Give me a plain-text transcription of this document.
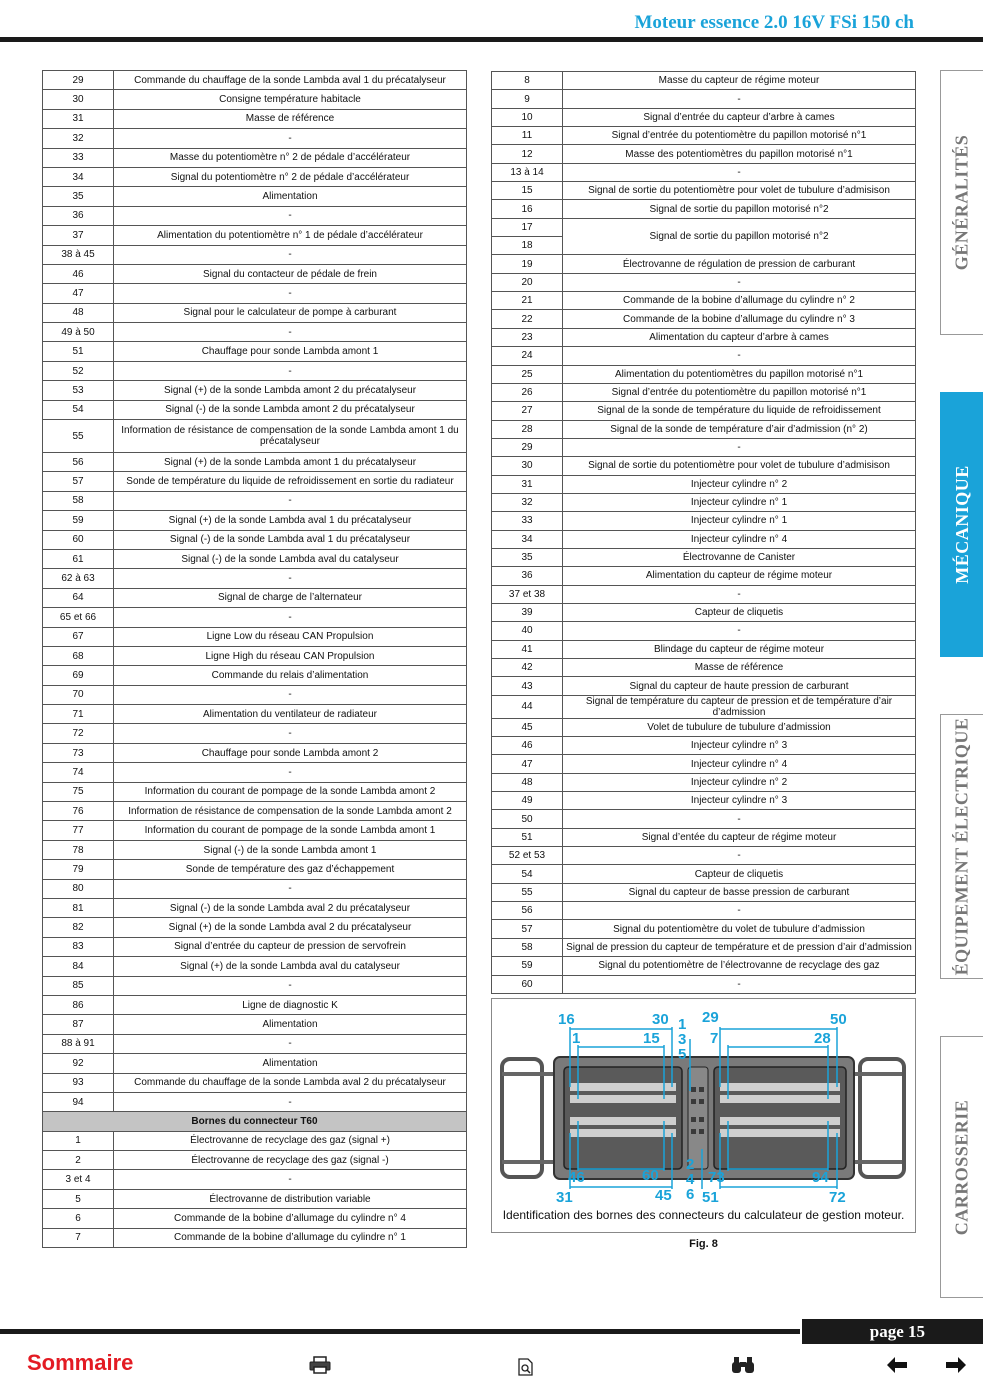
Moteur essence 2.0 16V FSi 150 ch
29	Commande du chauffage de la sonde Lambda aval 1 du précatalyseur
30	Consigne température habitacle
31	Masse de référence
32	-
33	Masse du potentiomètre n° 2 de pédale d’accélérateur
34	Signal du potentiomètre n° 2 de pédale d’accélérateur
35	Alimentation
36	-
37	Alimentation du potentiomètre n° 1 de pédale d’accélérateur
38 à 45	-
46	Signal du contacteur de pédale de frein
47	-
48	Signal pour le calculateur de pompe à carburant
49 à 50	-
51	Chauffage pour sonde Lambda amont 1
52	-
53	Signal (+) de la sonde Lambda amont 2 du précatalyseur
54	Signal (-) de la sonde Lambda amont 2 du précatalyseur
55	Information de résistance de compensation de la sonde Lambda amont 1 du précatalyseur
56	Signal (+) de la sonde Lambda amont 1 du précatalyseur
57	Sonde de température du liquide de refroidissement en sortie du radiateur
58	-
59	Signal (+) de la sonde Lambda aval 1 du précatalyseur
60	Signal (-) de la sonde Lambda aval 1 du précatalyseur
61	Signal (-) de la sonde Lambda aval du catalyseur
62 à 63	-
64	Signal de charge de l’alternateur
65 et 66	-
67	Ligne Low du réseau CAN Propulsion
68	Ligne High du réseau CAN Propulsion
69	Commande du relais d’alimentation
70	-
71	Alimentation du ventilateur de radiateur
72	-
73	Chauffage pour sonde Lambda amont 2
74	-
75	Information du courant de pompage de la sonde Lambda amont 2
76	Information de résistance de compensation de la sonde Lambda amont 2
77	Information du courant de pompage de la sonde Lambda amont 1
78	Signal (-) de la sonde Lambda amont 1
79	Sonde de température des gaz d’échappement
80	-
81	Signal (-) de la sonde Lambda aval 2 du précatalyseur
82	Signal (+) de la sonde Lambda aval 2 du précatalyseur
83	Signal d’entrée du capteur de pression de servofrein
84	Signal (+) de la sonde Lambda aval du catalyseur
85	-
86	Ligne de diagnostic K
87	Alimentation
88 à 91	-
92	Alimentation
93	Commande du chauffage de la sonde Lambda aval 2 du précatalyseur
94	-
Bornes du connecteur T60	
1	Électrovanne de recyclage des gaz (signal +)
2	Électrovanne de recyclage des gaz (signal -)
3 et 4	-
5	Électrovanne de distribution variable
6	Commande de la bobine d’allumage du cylindre n° 4
7	Commande de la bobine d’allumage du cylindre n° 1
8	Masse du capteur de régime moteur
9	-
10	Signal d’entrée du capteur d’arbre à cames
11	Signal d’entrée du potentiomètre du papillon motorisé n°1
12	Masse des potentiomètres du papillon motorisé n°1
13 à 14	-
15	Signal de sortie du potentiomètre pour volet de tubulure d’admisison
16	Signal de sortie du papillon motorisé n°2
17	Signal de sortie du papillon motorisé n°2
18	
19	Électrovanne de régulation de pression de carburant
20	-
21	Commande de la bobine d’allumage du cylindre n° 2
22	Commande de la bobine d’allumage du cylindre n° 3
23	Alimentation du capteur d’arbre à cames
24	-
25	Alimentation du potentiomètres du papillon motorisé n°1
26	Signal d’entrée du potentiomètre du papillon motorisé n°1
27	Signal de la sonde de température du liquide de refroidissement
28	Signal de la sonde de température d’air d’admission (n° 2)
29	-
30	Signal de sortie du potentiomètre pour volet de tubulure d’admisison
31	Injecteur cylindre n° 2
32	Injecteur cylindre n° 1
33	Injecteur cylindre n° 1
34	Injecteur cylindre n° 4
35	Électrovanne de Canister
36	Alimentation du capteur de régime moteur
37 et 38	-
39	Capteur de cliquetis
40	-
41	Blindage du capteur de régime moteur
42	Masse de référence
43	Signal du capteur de haute pression de carburant
44	Signal de température du capteur de pression et de température d’air d’admission
45	Volet de tubulure de tubulure d’admission
46	Injecteur cylindre n° 3
47	Injecteur cylindre n° 4
48	Injecteur cylindre n° 2
49	Injecteur cylindre n° 3
50	-
51	Signal d’entée du capteur de régime moteur
52 et 53	-
54	Capteur de cliquetis
55	Signal du capteur de basse pression de carburant
56	-
57	Signal du potentiomètre du volet de tubulure d’admission
58	Signal de pression du capteur de température et de pression d’air d’admission
59	Signal du potentiomètre de l’électrovanne de recyclage des gaz
60	-
16	30
1	15
1
3
5
29	50
7	28
46	60
31	45
2
4
6
73	94
51	72
Identification des bornes des connecteurs du calculateur de gestion moteur.
Fig. 8
GÉNÉRALITÉS
MÉCANIQUE
ÉQUIPEMENT ÉLECTRIQUE
CARROSSERIE
page 15
Sommaire
